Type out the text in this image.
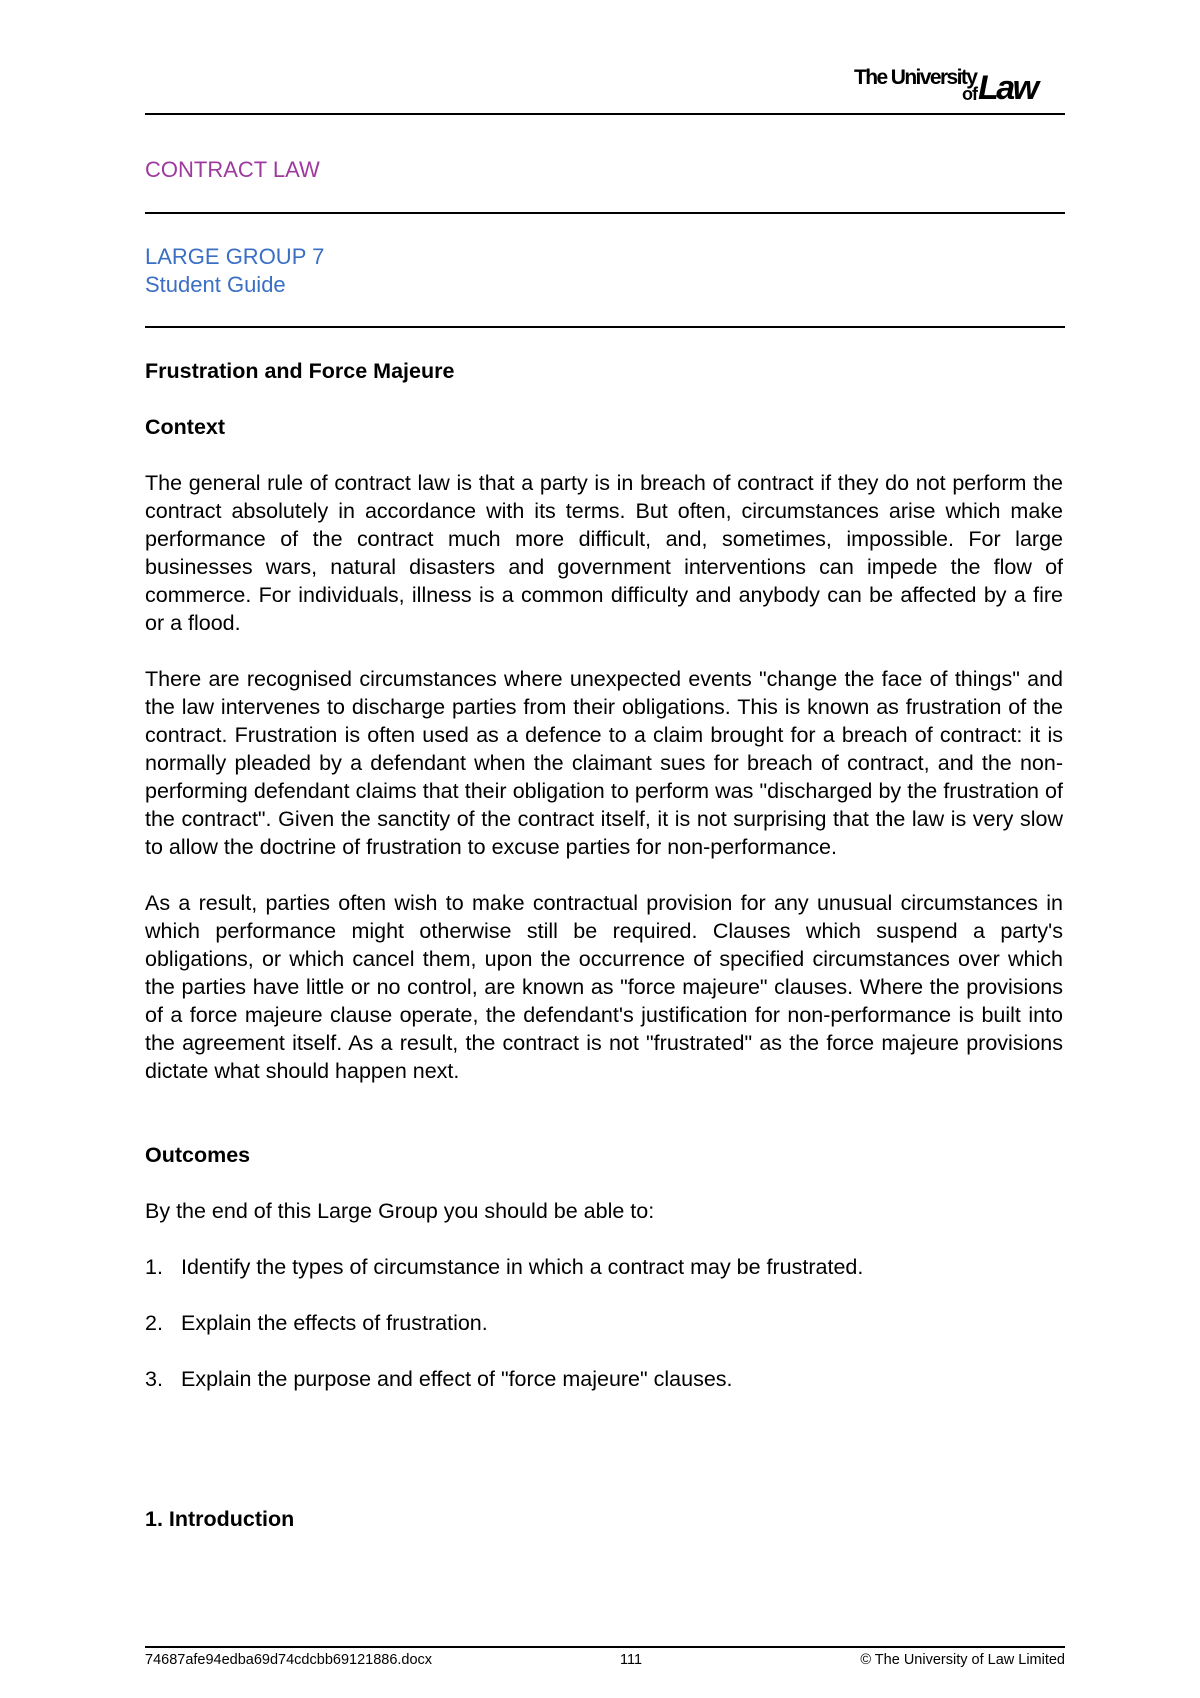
The University
of Law
CONTRACT LAW
LARGE GROUP 7
Student Guide
Frustration and Force Majeure
Context

The general rule of contract law is that a party is in breach of contract if they do not perform the contract absolutely in accordance with its terms. But often, circumstances arise which make performance of the contract much more difficult, and, sometimes, impossible. For large businesses wars, natural disasters and government interventions can impede the flow of commerce. For individuals, illness is a common difficulty and anybody can be affected by a fire or a flood.

There are recognised circumstances where unexpected events "change the face of things" and the law intervenes to discharge parties from their obligations. This is known as frustration of the contract. Frustration is often used as a defence to a claim brought for a breach of contract: it is normally pleaded by a defendant when the claimant sues for breach of contract, and the non-performing defendant claims that their obligation to perform was "discharged by the frustration of the contract". Given the sanctity of the contract itself, it is not surprising that the law is very slow to allow the doctrine of frustration to excuse parties for non-performance.

As a result, parties often wish to make contractual provision for any unusual circumstances in which performance might otherwise still be required. Clauses which suspend a party's obligations, or which cancel them, upon the occurrence of specified circumstances over which the parties have little or no control, are known as "force majeure" clauses. Where the provisions of a force majeure clause operate, the defendant's justification for non-performance is built into the agreement itself. As a result, the contract is not "frustrated" as the force majeure provisions dictate what should happen next.

Outcomes

By the end of this Large Group you should be able to:

1. Identify the types of circumstance in which a contract may be frustrated.
2. Explain the effects of frustration.
3. Explain the purpose and effect of "force majeure" clauses.
1. Introduction
74687afe94edba69d74cdcbb69121886.docx	111	© The University of Law Limited
